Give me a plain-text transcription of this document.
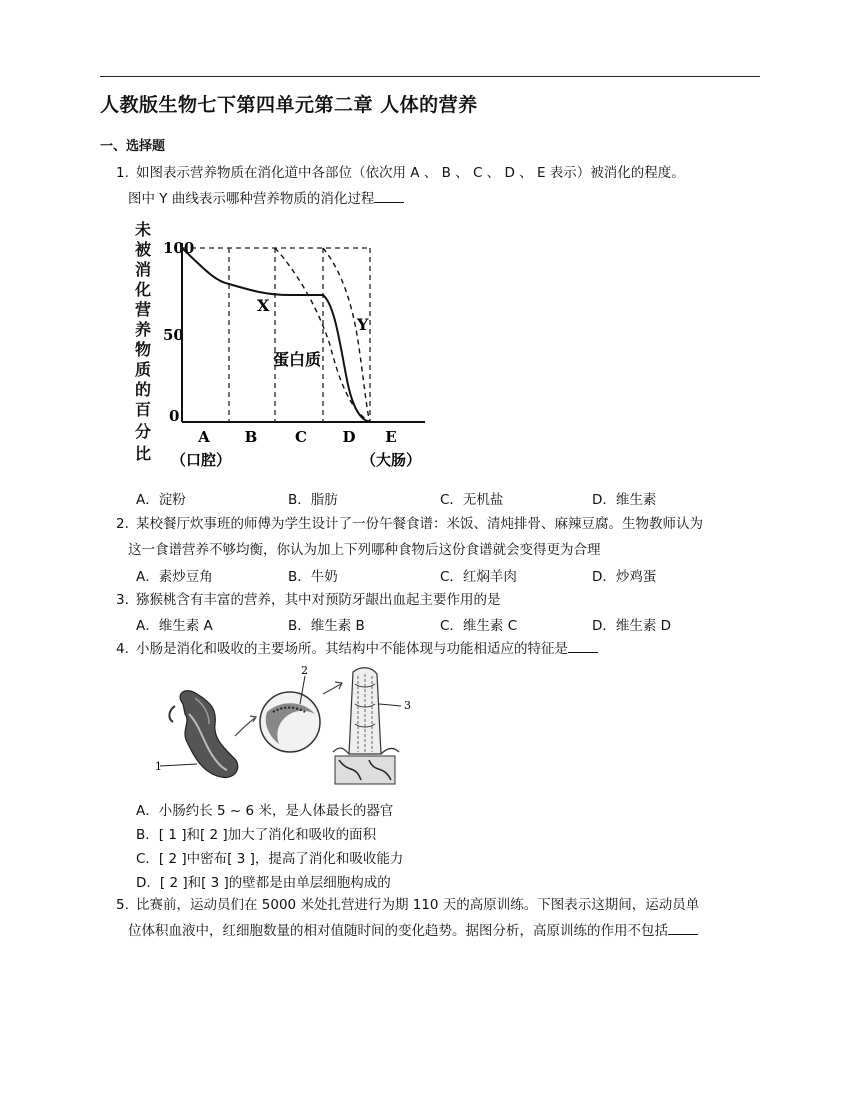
人教版生物七下第四单元第二章 人体的营养
一、选择题
1. 如图表示营养物质在消化道中各部位（依次用 A 、 B 、 C 、 D 、 E 表示）被消化的程度。
图中 Y 曲线表示哪种营养物质的消化过程
未
被
消
化
营
养
物
质
的
百
分
比
100
50
0
X
Y
蛋白质
A B	C D E
（口腔）	（大肠）
A．淀粉	B．脂肪	C．无机盐	D．维生素
2. 某校餐厅炊事班的师傅为学生设计了一份午餐食谱：米饭、清炖排骨、麻辣豆腐。生物教师认为
这一食谱营养不够均衡，你认为加上下列哪种食物后这份食谱就会变得更为合理
A．素炒豆角	B．牛奶	C．红焖羊肉	D．炒鸡蛋
3. 猕猴桃含有丰富的营养，其中对预防牙龈出血起主要作用的是
A．维生素 A	B．维生素 B	C．维生素 C	D．维生素 D
4. 小肠是消化和吸收的主要场所。其结构中不能体现与功能相适应的特征是
1
2
3
A．小肠约长 5 ~ 6 米，是人体最长的器官
B．[ 1 ]和[ 2 ]加大了消化和吸收的面积
C．[ 2 ]中密布[ 3 ]，提高了消化和吸收能力
D．[ 2 ]和[ 3 ]的壁都是由单层细胞构成的
5. 比赛前，运动员们在 5000 米处扎营进行为期 110 天的高原训练。下图表示这期间，运动员单
位体积血液中，红细胞数量的相对值随时间的变化趋势。据图分析，高原训练的作用不包括
